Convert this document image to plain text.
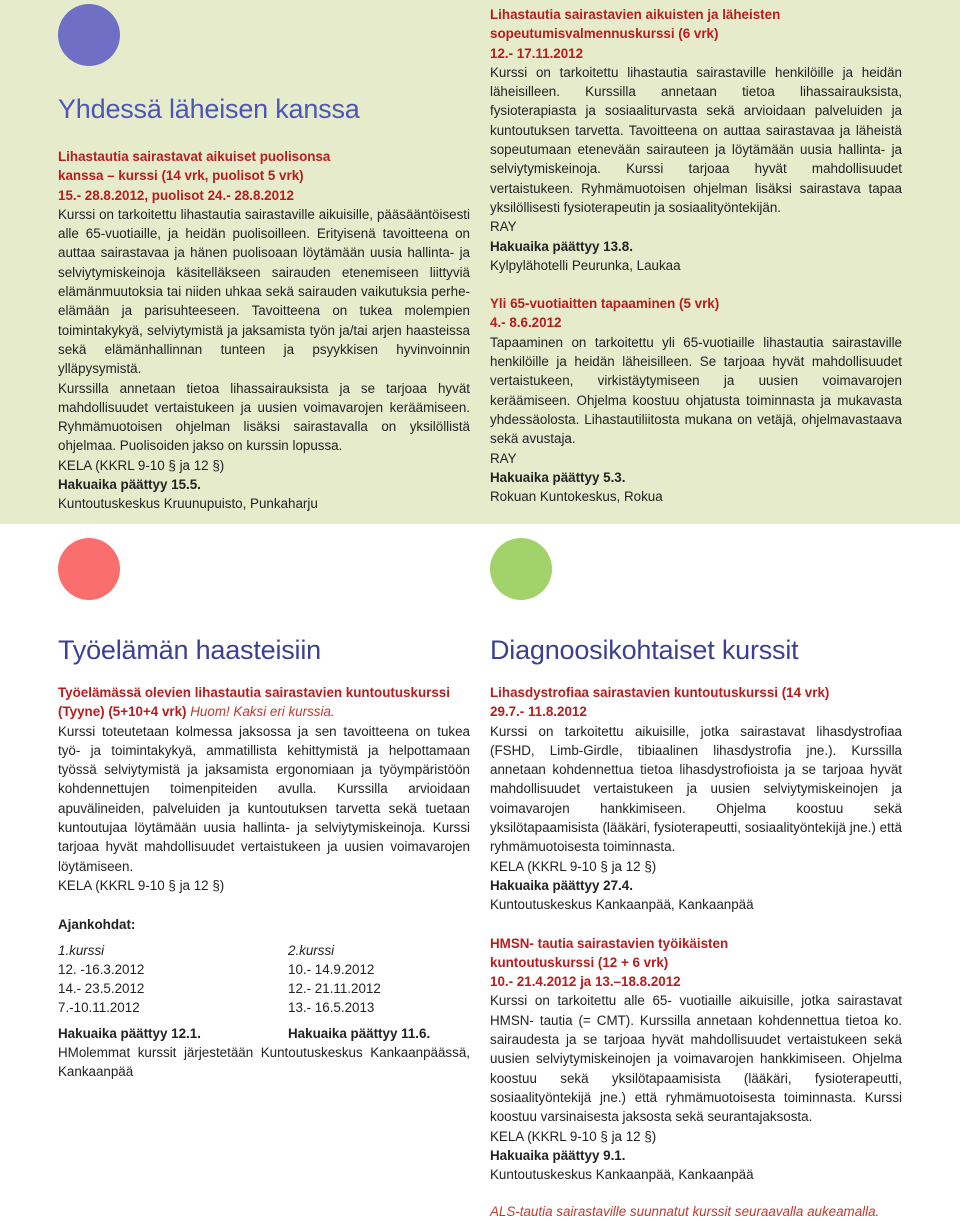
Yhdessä läheisen kanssa

Lihastautia sairastavat aikuiset puolisonsa

kanssa – kurssi (14 vrk, puolisot 5 vrk)

15.- 28.8.2012, puolisot 24.- 28.8.2012

Kurssi on tarkoitettu lihastautia sairastaville aikuisille, pääsääntöisesti alle 65-vuotiaille, ja heidän puolisoilleen. Erityisenä tavoitteena on auttaa sairastavaa ja hänen puolisoaan löytämään uusia hallinta- ja selviytymiskeinoja käsitelläkseen sairauden etenemiseen liittyviä elämänmuutoksia tai niiden uhkaa sekä sairauden vaikutuksia perhe-elämään ja parisuhteeseen. Tavoitteena on tukea molempien toimintakykyä, selviytymistä ja jaksamista työn ja/tai arjen haasteissa sekä elämänhallinnan tunteen ja psyykkisen hyvinvoinnin ylläpysymistä.

Kurssilla annetaan tietoa lihassairauksista ja se tarjoaa hyvät mahdollisuudet vertaistukeen ja uusien voimavarojen keräämiseen. Ryhmämuotoisen ohjelman lisäksi sairastavalla on yksilöllistä ohjelmaa. Puolisoiden jakso on kurssin lopussa.

KELA (KKRL 9-10 § ja 12 §)

Hakuaika päättyy 15.5.

Kuntoutuskeskus Kruunupuisto, Punkaharju

Lihastautia sairastavien aikuisten ja läheisten sopeutumisvalmennuskurssi (6 vrk)

12.- 17.11.2012

Kurssi on tarkoitettu lihastautia sairastaville henkilöille ja heidän läheisilleen. Kurssilla annetaan tietoa lihassairauksista, fysioterapiasta ja sosiaaliturvasta sekä arvioidaan palveluiden ja kuntoutuksen tarvetta. Tavoitteena on auttaa sairastavaa ja läheistä sopeutumaan etenevään sairauteen ja löytämään uusia hallinta- ja selviytymiskeinoja. Kurssi tarjoaa hyvät mahdollisuudet vertaistukeen. Ryhmämuotoisen ohjelman lisäksi sairastava tapaa yksilöllisesti fysioterapeutin ja sosiaalityöntekijän.

RAY

Hakuaika päättyy 13.8.

Kylpylähotelli Peurunka, Laukaa

Yli 65-vuotiaitten tapaaminen (5 vrk)

4.- 8.6.2012

Tapaaminen on tarkoitettu yli 65-vuotiaille lihastautia sairastaville henkilöille ja heidän läheisilleen. Se tarjoaa hyvät mahdollisuudet vertaistukeen, virkistäytymiseen ja uusien voimavarojen keräämiseen. Ohjelma koostuu ohjatusta toiminnasta ja mukavasta yhdessäolosta. Lihastautiliitosta mukana on vetäjä, ohjelmavastaava sekä avustaja.

RAY

Hakuaika päättyy 5.3.

Rokuan Kuntokeskus, Rokua

Työelämän haasteisiin

Työelämässä olevien lihastautia sairastavien kuntoutuskurssi (Tyyne) (5+10+4 vrk) Huom! Kaksi eri kurssia.

Kurssi toteutetaan kolmessa jaksossa ja sen tavoitteena on tukea työ- ja toimintakykyä, ammatillista kehittymistä ja helpottamaan työssä selviytymistä ja jaksamista ergonomiaan ja työympäristöön kohdennettujen toimenpiteiden avulla. Kurssilla arvioidaan apuvälineiden, palveluiden ja kuntoutuksen tarvetta sekä tuetaan kuntoutujaa löytämään uusia hallinta- ja selviytymiskeinoja. Kurssi tarjoaa hyvät mahdollisuudet vertaistukeen ja uusien voimavarojen löytämiseen.

KELA (KKRL 9-10 § ja 12 §)

Ajankohdat:

1.kurssi	2.kurssi
12. -16.3.2012	10.- 14.9.2012
14.- 23.5.2012	12.- 21.11.2012
7.-10.11.2012	13.- 16.5.2013

Hakuaika päättyy 12.1.	Hakuaika päättyy 11.6.

HMolemmat kurssit järjestetään Kuntoutuskeskus Kankaanpäässä, Kankaanpää

Diagnoosikohtaiset kurssit

Lihasdystrofiaa sairastavien kuntoutuskurssi (14 vrk)

29.7.- 11.8.2012

Kurssi on tarkoitettu aikuisille, jotka sairastavat lihasdystrofiaa (FSHD, Limb-Girdle, tibiaalinen lihasdystrofia jne.). Kurssilla annetaan kohdennettua tietoa lihasdystrofioista ja se tarjoaa hyvät mahdollisuudet vertaistukeen ja uusien selviytymiskeinojen ja voimavarojen hankkimiseen. Ohjelma koostuu sekä yksilötapaamisista (lääkäri, fysioterapeutti, sosiaalityöntekijä jne.) että ryhmämuotoisesta toiminnasta.

KELA (KKRL 9-10 § ja 12 §)

Hakuaika päättyy 27.4.

Kuntoutuskeskus Kankaanpää, Kankaanpää

HMSN- tautia sairastavien työikäisten

kuntoutuskurssi (12 + 6 vrk)

10.- 21.4.2012 ja 13.–18.8.2012

Kurssi on tarkoitettu alle 65- vuotiaille aikuisille, jotka sairastavat HMSN- tautia (= CMT). Kurssilla annetaan kohdennettua tietoa ko. sairaudesta ja se tarjoaa hyvät mahdollisuudet vertaistukeen sekä uusien selviytymiskeinojen ja voimavarojen hankkimiseen. Ohjelma koostuu sekä yksilötapaamisista (lääkäri, fysioterapeutti, sosiaalityöntekijä jne.) että ryhmämuotoisesta toiminnasta. Kurssi koostuu varsinaisesta jaksosta sekä seurantajaksosta.

KELA (KKRL 9-10 § ja 12 §)

Hakuaika päättyy 9.1.

Kuntoutuskeskus Kankaanpää, Kankaanpää

ALS-tautia sairastaville suunnatut kurssit seuraavalla aukeamalla.
